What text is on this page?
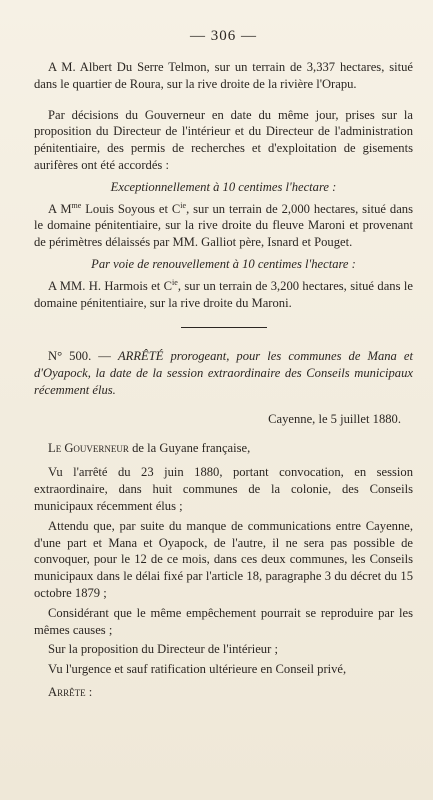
— 306 —

A M. Albert Du Serre Telmon, sur un terrain de 3,337 hectares, situé dans le quartier de Roura, sur la rive droite de la rivière l'Orapu.

Par décisions du Gouverneur en date du même jour, prises sur la proposition du Directeur de l'intérieur et du Directeur de l'administration pénitentiaire, des permis de recherches et d'exploitation de gisements aurifères ont été accordés :

Exceptionnellement à 10 centimes l'hectare :

A $M^{me}$ Louis Soyous et $C^{ie}$, sur un terrain de 2,000 hectares, situé dans le domaine pénitentiaire, sur la rive droite du fleuve Maroni et provenant de périmètres délaissés par MM. Galliot père, Isnard et Pouget.

Par voie de renouvellement à 10 centimes l'hectare :

A MM. H. Harmois et $C^{ie}$, sur un terrain de 3,200 hectares, situé dans le domaine pénitentiaire, sur la rive droite du Maroni.

N° 500. — ARRÊTÉ prorogeant, pour les communes de Mana et d'Oyapock, la date de la session extraordinaire des Conseils municipaux récemment élus.

Cayenne, le 5 juillet 1880.

Le Gouverneur de la Guyane française,

Vu l'arrêté du 23 juin 1880, portant convocation, en session extraordinaire, dans huit communes de la colonie, des Conseils municipaux récemment élus ;

Attendu que, par suite du manque de communications entre Cayenne, d'une part et Mana et Oyapock, de l'autre, il ne sera pas possible de convoquer, pour le 12 de ce mois, dans ces deux communes, les Conseils municipaux dans le délai fixé par l'article 18, paragraphe 3 du décret du 15 octobre 1879 ;

Considérant que le même empêchement pourrait se reproduire par les mêmes causes ;

Sur la proposition du Directeur de l'intérieur ;

Vu l'urgence et sauf ratification ultérieure en Conseil privé,

Arrête :
